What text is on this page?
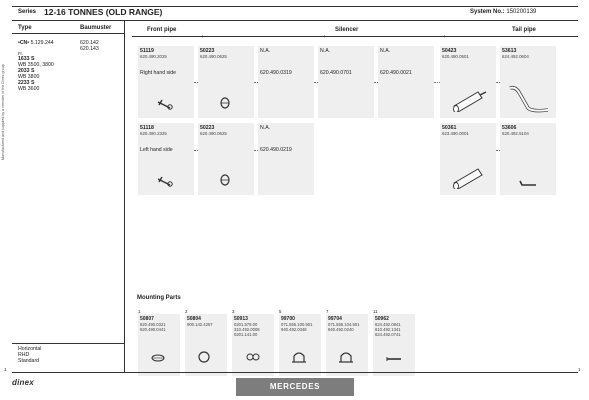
Series 12-16 TONNES (OLD RANGE)	System No.: 150200139
Manufactured and supplied by a member of the Dinex group
Type	Baumuster
•CN• 5.129.244
Fr.
1633 S
WB 3500, 3800
2033 S
WB 3800
2233 S
WB 3600
620.142
620.143
Front pipe	Silencer	Tail pipe
+	+	+
51119
620.490.2025
Right hand side
50223
620.490.0625
N.A.
620.490.0319
N.A.
620.490.0701
N.A.
620.490.0021
50423
620.490.0501
53613
624.492.0604
51118
620.490.2325
Left hand side
50223
620.490.0625
N.A.
620.490.0219
50361
623.490.0001
53606
620.492.5104
Mounting Parts
1
50807
620.490.0321
620.490.0441
2
50804
900.142.4257
3
50913
0201.578.00
310.492.0008
0201.141.00
5
99700
071.555.100.501
940.492.0348
7
99704
071.555.104.501
940.492.0240
11
50962
624.492.0841
610.492.1341
624.492.0741
Horizontal
RHD
Standard
1	1
dinex	MERCEDES
